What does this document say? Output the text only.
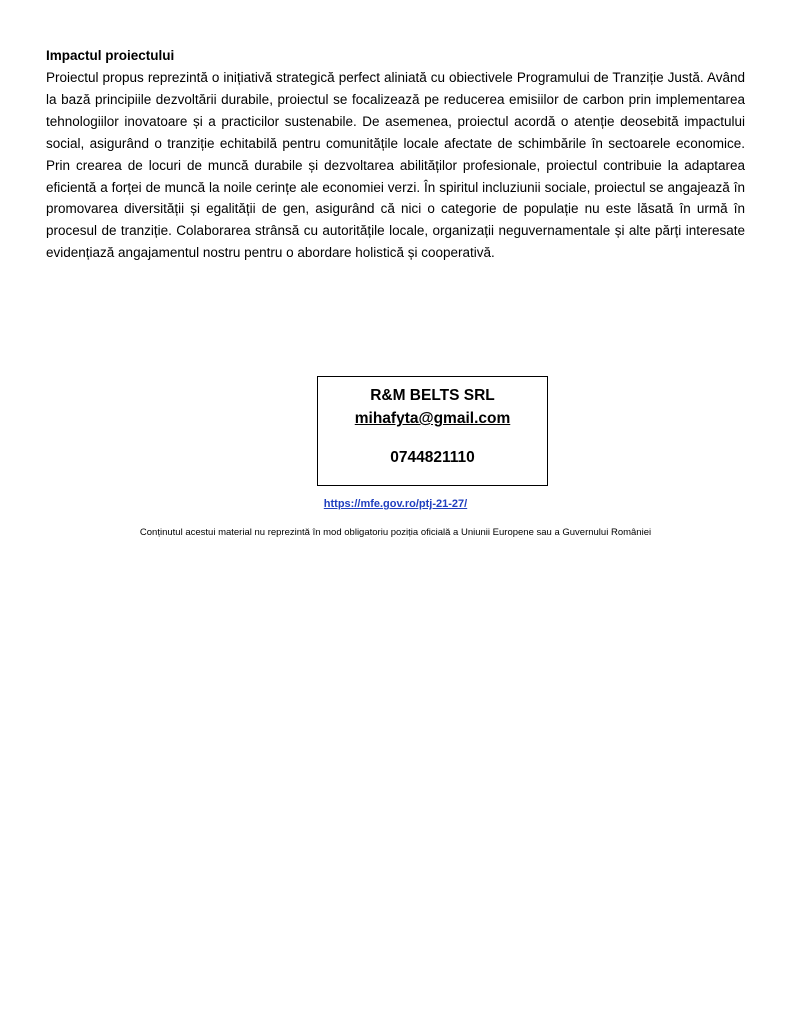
Impactul proiectului

Proiectul propus reprezintă o inițiativă strategică perfect aliniată cu obiectivele Programului de Tranziție Justă. Având la bază principiile dezvoltării durabile, proiectul se focalizează pe reducerea emisiilor de carbon prin implementarea tehnologiilor inovatoare și a practicilor sustenabile. De asemenea, proiectul acordă o atenție deosebită impactului social, asigurând o tranziție echitabilă pentru comunitățile locale afectate de schimbările în sectoarele economice. Prin crearea de locuri de muncă durabile și dezvoltarea abilităților profesionale, proiectul contribuie la adaptarea eficientă a forței de muncă la noile cerințe ale economiei verzi. În spiritul incluziunii sociale, proiectul se angajează în promovarea diversității și egalității de gen, asigurând că nici o categorie de populație nu este lăsată în urmă în procesul de tranziție. Colaborarea strânsă cu autoritățile locale, organizații neguvernamentale și alte părți interesate evidențiază angajamentul nostru pentru o abordare holistică și cooperativă.

R&M BELTS SRL
mihafyta@gmail.com
0744821110
https://mfe.gov.ro/ptj-21-27/
Conținutul acestui material nu reprezintă în mod obligatoriu poziția oficială a Uniunii Europene sau a Guvernului României
